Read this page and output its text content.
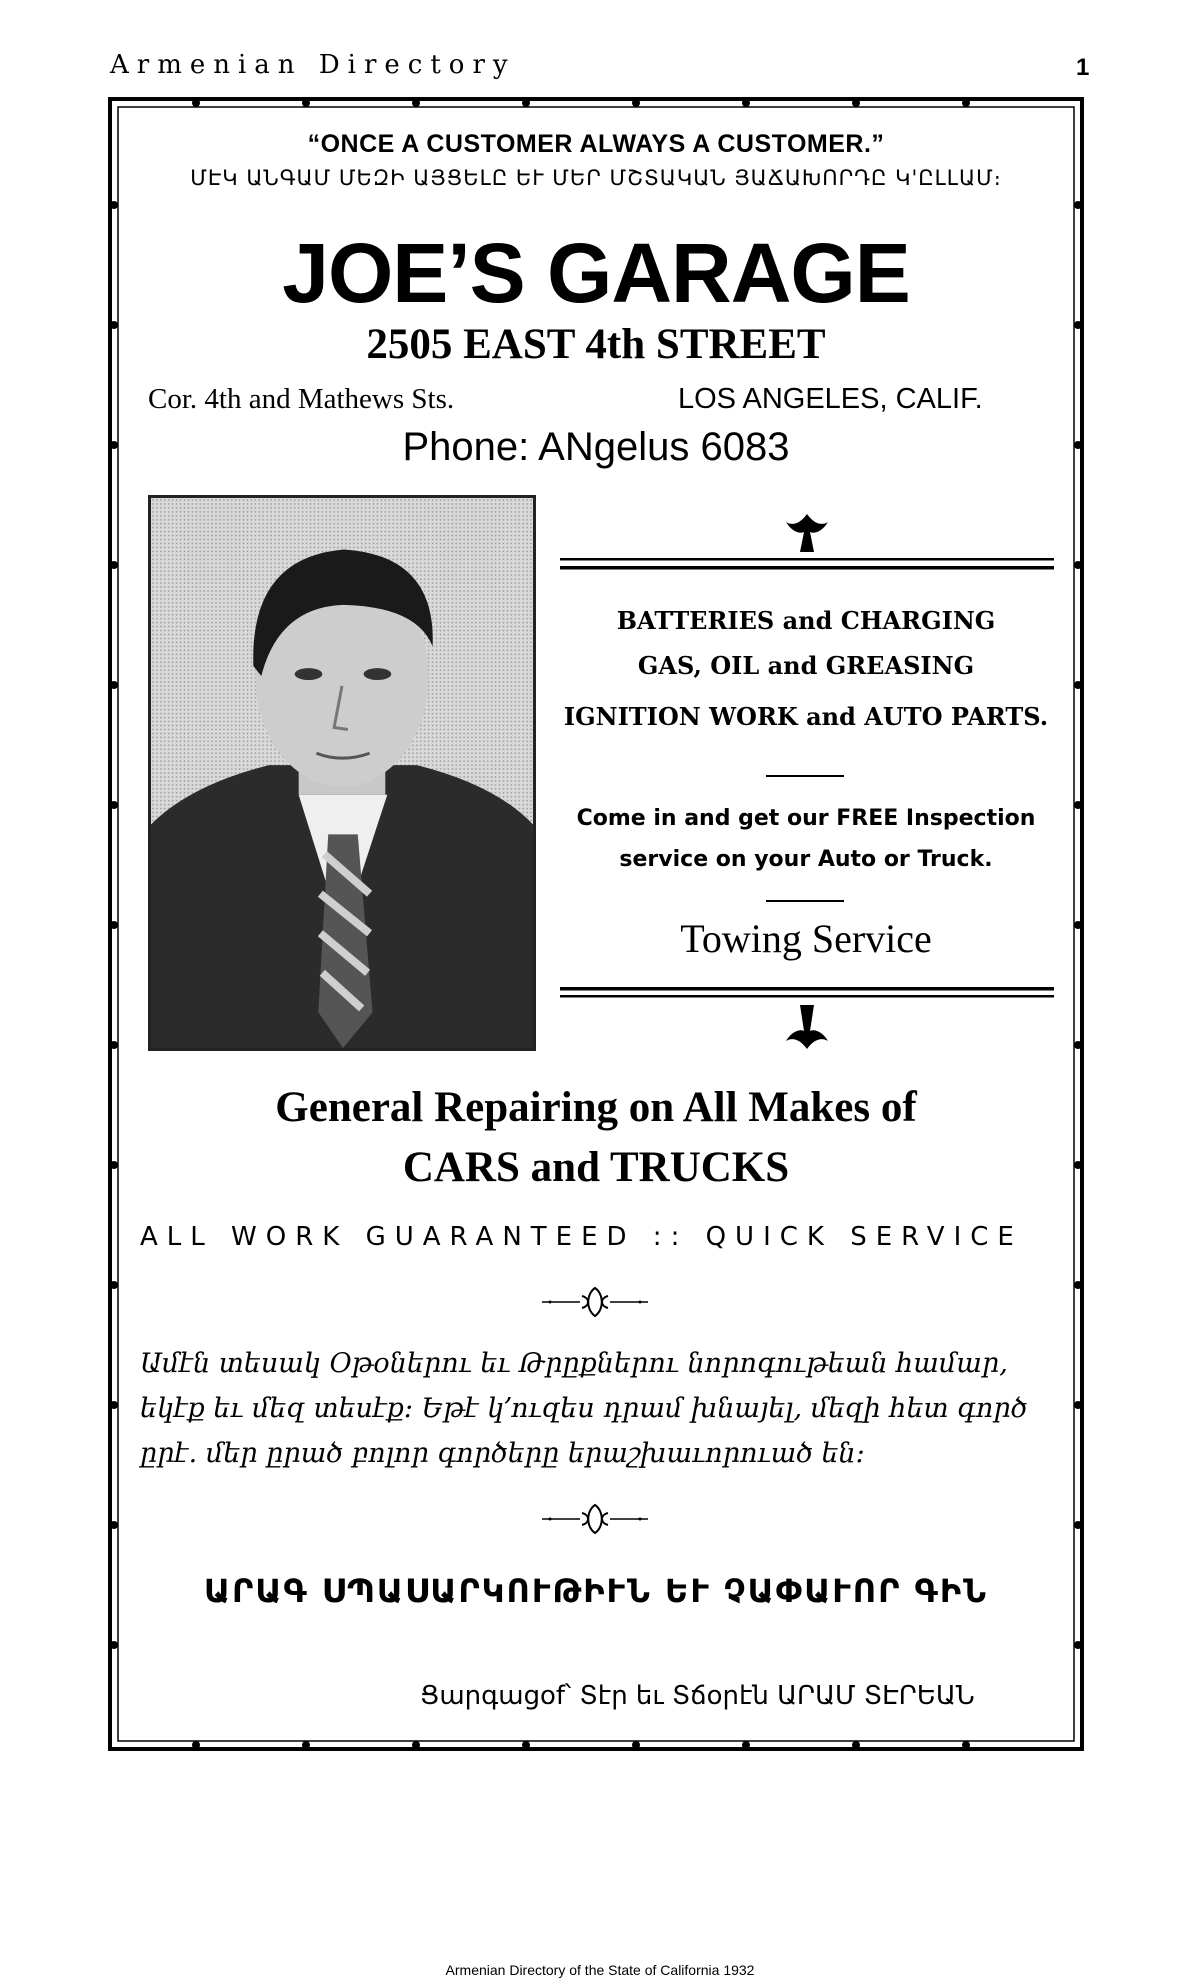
Armenian Directory	1
“ONCE A CUSTOMER ALWAYS A CUSTOMER.”
ՄԷԿ ԱՆԳԱՄ ՄԵԶԻ ԱՅՑԵԼԸ ԵՒ ՄԵՐ ՄՇՏԱԿԱՆ ՅԱՃԱԽՈՐԴԸ Կ'ԸԼԼԱՄ։
JOE’S GARAGE
2505 EAST 4th STREET
Cor. 4th and Mathews Sts.	LOS ANGELES, CALIF.
Phone: ANgelus 6083
BATTERIES and CHARGING
GAS, OIL and GREASING
IGNITION WORK and AUTO PARTS.
Come in and get our FREE Inspection
service on your Auto or Truck.
Towing Service
General Repairing on All Makes of
CARS and TRUCKS
ALL WORK GUARANTEED :: QUICK SERVICE
Ամէն տեսակ Օթօներու եւ Թրըքներու նորոգութեան համար,
եկէք եւ մեզ տեսէք։ Եթէ կ՚ուզես դրամ խնայել, մեզի հետ գործ
ըրէ․ մեր ըրած բոլոր գործերը երաշխաւորուած են։
ԱՐԱԳ ՍՊԱՍԱՐԿՈՒԹԻՒՆ ԵՒ ՉԱՓԱՒՈՐ ԳԻՆ
Ցարգացօf՝ Տէր եւ Տճօրէն ԱՐԱՄ ՏԷՐԵԱՆ
Armenian Directory of the State of California 1932
